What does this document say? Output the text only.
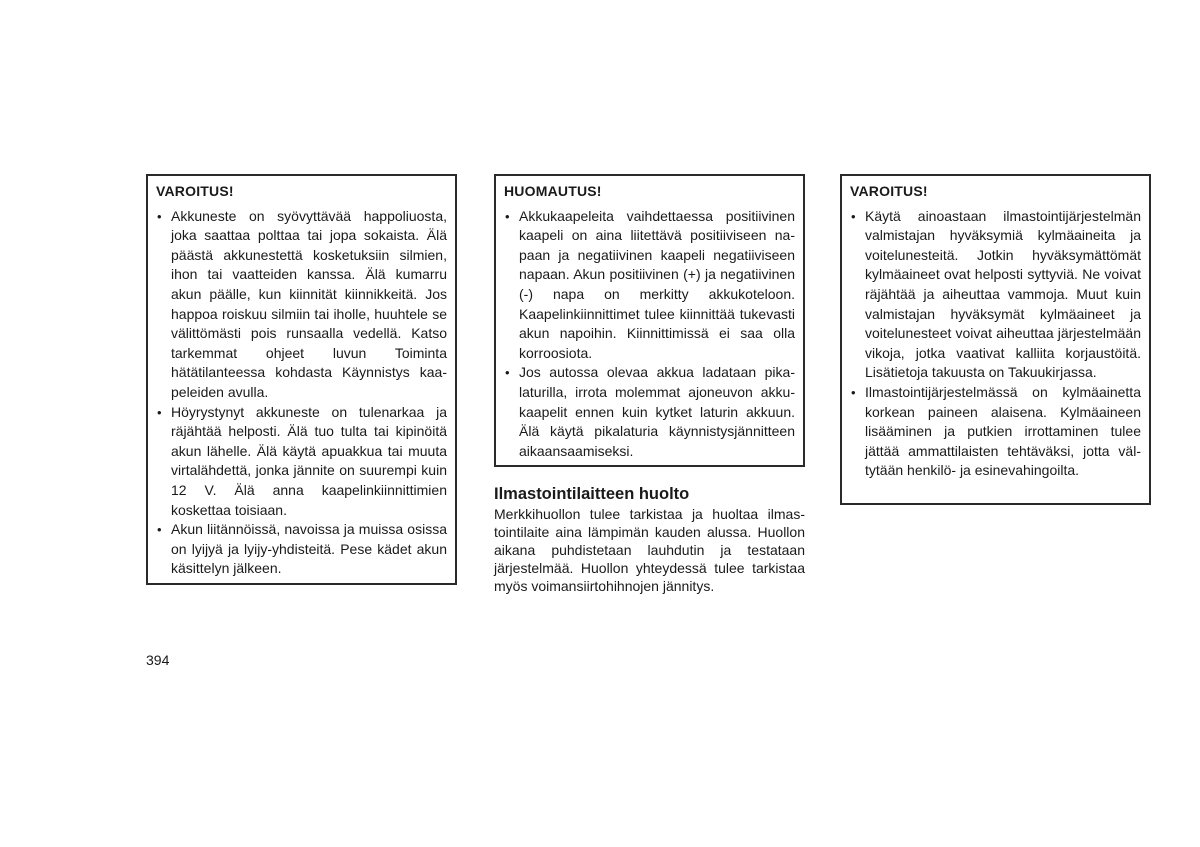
VAROITUS!
• Akkuneste on syövyttävää happoliuosta, joka saattaa polttaa tai jopa sokaista. Älä päästä akkunestettä kosketuksiin silmien, ihon tai vaatteiden kanssa. Älä kumarru akun päälle, kun kiinnität kiinnikkeitä. Jos happoa roiskuu silmiin tai iholle, huuhtele se välittömästi pois runsaalla vedellä. Katso tarkemmat ohjeet luvun Toiminta hätätilanteessa kohdasta Käynnistys kaapeleiden avulla.
• Höyrystynyt akkuneste on tulenarkaa ja räjähtää helposti. Älä tuo tulta tai kipinöitä akun lähelle. Älä käytä apuakkua tai muuta virtalähdettä, jonka jännite on suurempi kuin 12 V. Älä anna kaapelinkiinnittimien koskettaa toisiaan.
• Akun liitännöissä, navoissa ja muissa osissa on lyijyä ja lyijy-yhdisteitä. Pese kädet akun käsittelyn jälkeen.
HUOMAUTUS!
• Akkukaapeleita vaihdettaessa positiivinen kaapeli on aina liitettävä positiiviseen napaan ja negatiivinen kaapeli negatiiviseen napaan. Akun positiivinen (+) ja negatiivinen (-) napa on merkitty akkukoteloon. Kaapelinkiinnittimet tulee kiinnittää tukevasti akun napoihin. Kiinnittimissä ei saa olla korroosiota.
• Jos autossa olevaa akkua ladataan pikalaturilla, irrota molemmat ajoneuvon akkukaapelit ennen kuin kytket laturin akkuun. Älä käytä pikalaturia käynnistysjännitteen aikaansaamiseksi.
Ilmastointilaitteen huolto

Merkkihuollon tulee tarkistaa ja huoltaa ilmastointilaite aina lämpimän kauden alussa. Huollon aikana puhdistetaan lauhdutin ja testataan järjestelmää. Huollon yhteydessä tulee tarkistaa myös voimansiirtohihnojen jännitys.

VAROITUS!
• Käytä ainoastaan ilmastointijärjestelmän valmistajan hyväksymiä kylmäaineita ja voitelunesteitä. Jotkin hyväksymättömät kylmäaineet ovat helposti syttyviä. Ne voivat räjähtää ja aiheuttaa vammoja. Muut kuin valmistajan hyväksymät kylmäaineet ja voitelunesteet voivat aiheuttaa järjestelmään vikoja, jotka vaativat kalliita korjaustöitä. Lisätietoja takuusta on Takuukirjassa.
• Ilmastointijärjestelmässä on kylmäainetta korkean paineen alaisena. Kylmäaineen lisääminen ja putkien irrottaminen tulee jättää ammattilaisten tehtäväksi, jotta vältytään henkilö- ja esinevahingoilta.
394
